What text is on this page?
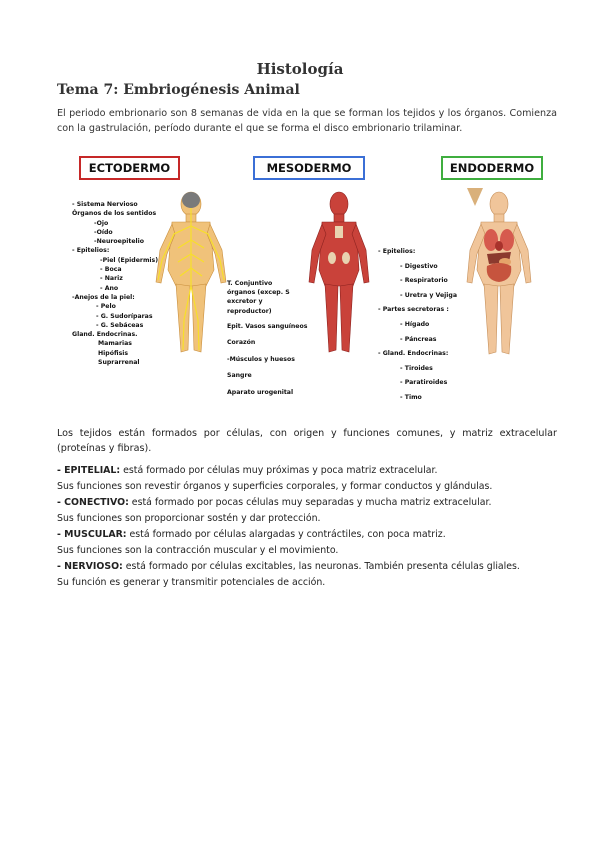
Histología
Tema 7: Embriogénesis Animal
El periodo embrionario son 8 semanas de vida en la que se forman los tejidos y los órganos. Comienza con la gastrulación, período durante el que se forma el disco embrionario trilaminar.
ECTODERMO	MESODERMO	ENDODERMO
- Sistema Nervioso
Órganos de los sentidos
-Ojo
-Oído
-Neuroepitelio
- Epitelios:
-Piel (Epidermis)
- Boca
- Nariz
- Ano
-Anejos de la piel:
- Pelo
- G. Sudoríparas
- G. Sebáceas
Gland. Endocrinas.
Mamarias
Hipófisis
Suprarrenal
T. Conjuntivo órganos (excep. S excretor y reproductor)
Epit. Vasos sanguíneos
Corazón
-Músculos y huesos
Sangre
Aparato urogenital
- Epitelios:
- Digestivo
- Respiratorio
- Uretra y Vejiga
- Partes secretoras :
- Hígado
- Páncreas
- Gland. Endocrinas:
- Tiroides
- Paratiroides
- Timo
Los tejidos están formados por células, con origen y funciones comunes, y matriz extracelular (proteínas y fibras).

- EPITELIAL: está formado por células muy próximas y poca matriz extracelular.

Sus funciones son revestir órganos y superficies corporales, y formar conductos y glándulas.

- CONECTIVO: está formado por pocas células muy separadas y mucha matriz extracelular.

Sus funciones son proporcionar sostén y dar protección.

- MUSCULAR: está formado por células alargadas y contráctiles, con poca matriz.

Sus funciones son la contracción muscular y el movimiento.

- NERVIOSO: está formado por células excitables, las neuronas. También presenta células gliales.

Su función es generar y transmitir potenciales de acción.
